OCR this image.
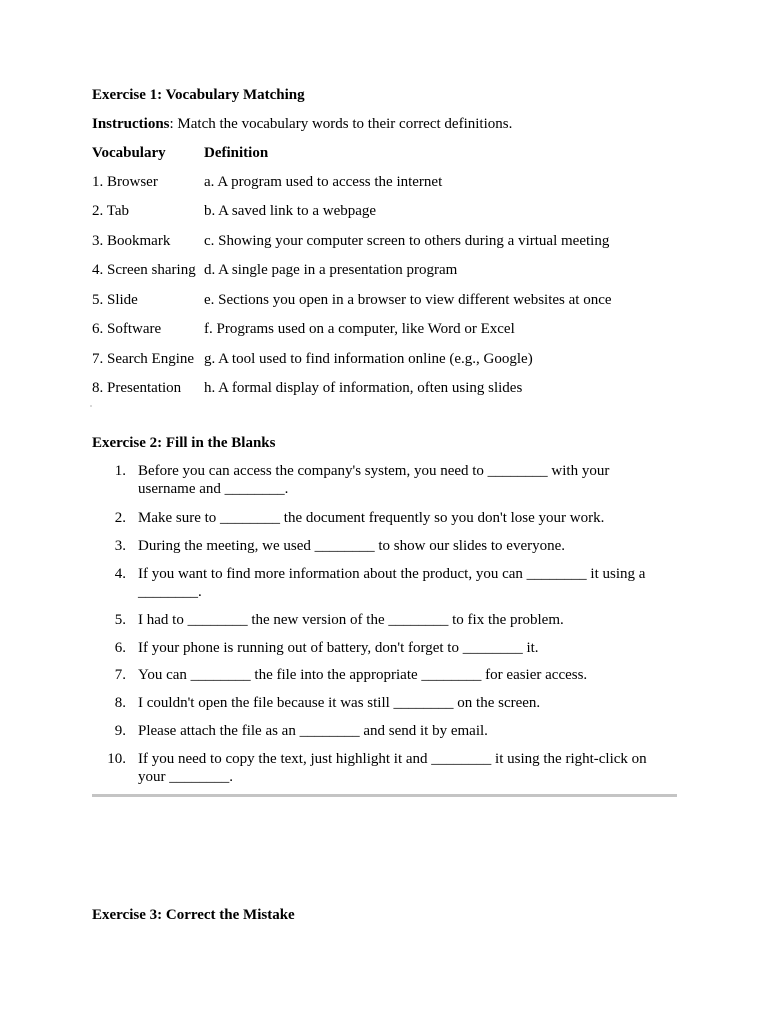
Exercise 1: Vocabulary Matching
Instructions: Match the vocabulary words to their correct definitions.
Vocabulary	Definition
1. Browser	a. A program used to access the internet
2. Tab	b. A saved link to a webpage
3. Bookmark c. Showing your computer screen to others during a virtual meeting
4. Screen sharing d. A single page in a presentation program
5. Slide	e. Sections you open in a browser to view different websites at once
6. Software	f. Programs used on a computer, like Word or Excel
7. Search Engine g. A tool used to find information online (e.g., Google)
8. Presentation h. A formal display of information, often using slides
Exercise 2: Fill in the Blanks
1. Before you can access the company's system, you need to ________ with your username and ________.
2. Make sure to ________ the document frequently so you don't lose your work.
3. During the meeting, we used ________ to show our slides to everyone.
4. If you want to find more information about the product, you can ________ it using a ________.
5. I had to ________ the new version of the ________ to fix the problem.
6. If your phone is running out of battery, don't forget to ________ it.
7. You can ________ the file into the appropriate ________ for easier access.
8. I couldn't open the file because it was still ________ on the screen.
9. Please attach the file as an ________ and send it by email.
10. If you need to copy the text, just highlight it and ________ it using the right-click on your ________.
Exercise 3: Correct the Mistake
